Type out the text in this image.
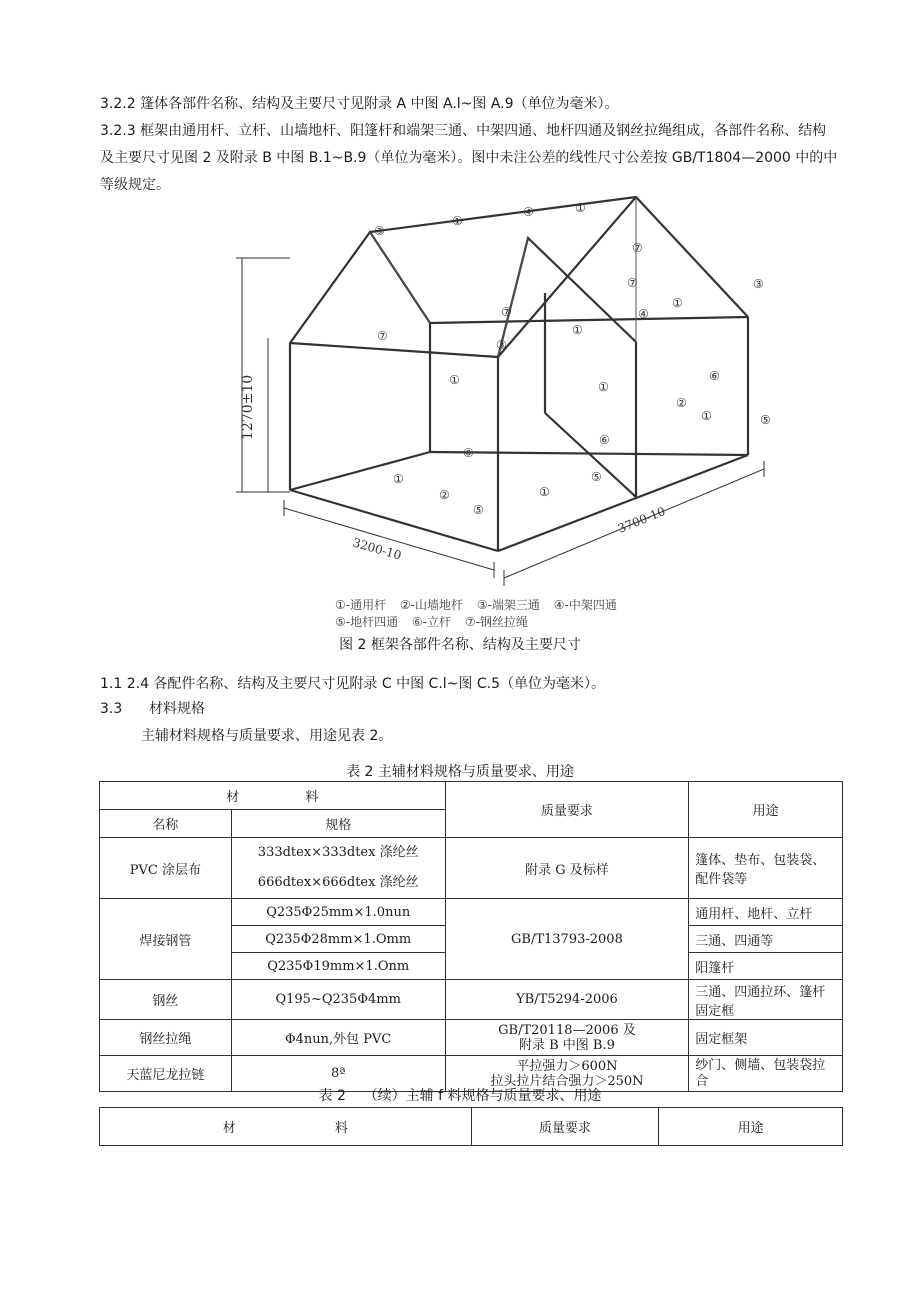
3.2.2 篷体各部件名称、结构及主要尺寸见附录 A 中图 A.l~图 A.9（单位为毫米）。
3.2.3 框架由通用杆、立杆、山墙地杆、阳篷杆和端架三通、中架四通、地杆四通及钢丝拉绳组成，各部件名称、结构及主要尺寸见图 2 及附录 B 中图 B.1~B.9（单位为毫米）。图中未注公差的线性尺寸公差按 GB/T1804—2000 中的中等级规定。
3200-10
3700-10
1270±10
①
①
④
③
⑦
⑦	③
⑦
①
④
⑦	①
③
①	⑥
①
②
①	⑤
⑥
⑥
⑤
①
②	①
⑤
①-通用杆 ②-山墙地杆 ③-端架三通 ④-中架四通
⑤-地杆四通 ⑥-立杆 ⑦-钢丝拉绳
图 2 框架各部件名称、结构及主要尺寸
1.1 2.4 各配件名称、结构及主要尺寸见附录 C 中图 C.l~图 C.5（单位为毫米）。
3.3      材料规格
主辅材料规格与质量要求、用途见表 2。
表 2 主辅材料规格与质量要求、用途
材                料		质量要求	用途
名称	规格		
PVC 涂层布	333dtex×333dtex 涤纶丝
666dtex×666dtex 涤纶丝	附录 G 及标样	篷体、垫布、包装袋、配件袋等
焊接钢管	Q235Φ25mm×1.0nun	GB/T13793-2008	通用杆、地杆、立杆
	Q235Φ28mm×1.Omm		三通、四通等
	Q235Φ19mm×1.Onm		阳篷杆
钢丝	Q195~Q235Φ4mm	YB/T5294-2006	三通、四通拉环、篷杆固定框
钢丝拉绳	Φ4nun,外包 PVC	GB/T20118—2006 及
附录 B 中图 B.9	固定框架
天蓝尼龙拉链	8ª	平拉强力＞600N
拉头拉片结合强力＞250N	纱门、侧墙、包装袋拉合
表 2    （续）主辅 f 料规格与质量要求、用途
材                        料	质量要求	用途
